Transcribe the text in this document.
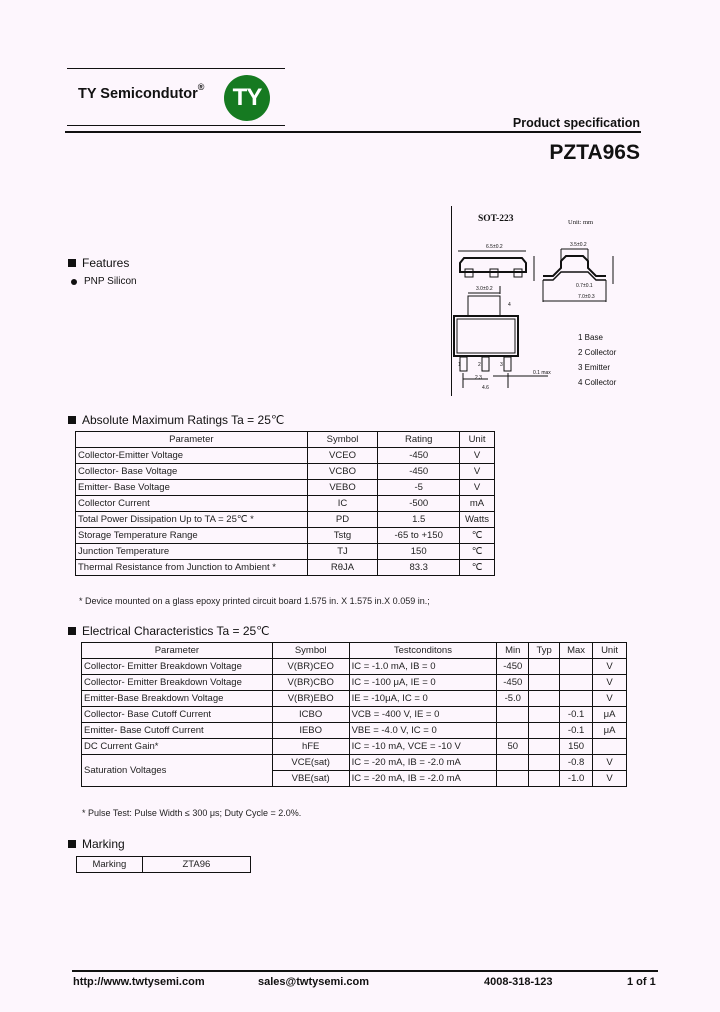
TY Semicondutor®	TY
Product specification
PZTA96S
SOT-223	Unit: mm
6.5±0.2	3.5±0.2
7.0±0.3
3.0±0.2	0.7±0.1
2.3
4.6
0.1 max
4
1	2	3
1 Base
2 Collector
3 Emitter
4 Collector
Features
PNP Silicon
Absolute Maximum Ratings Ta = 25℃
Parameter	Symbol	Rating	Unit
Collector-Emitter Voltage	VCEO	-450	V
Collector- Base Voltage	VCBO	-450	V
Emitter- Base Voltage	VEBO	-5	V
Collector Current	IC	-500	mA
Total Power Dissipation Up to TA = 25℃ *	PD	1.5	Watts
Storage Temperature Range	Tstg	-65 to +150	℃
Junction Temperature	TJ	150	℃
Thermal Resistance from Junction to Ambient *	RθJA	83.3	℃
* Device mounted on a glass epoxy printed circuit board 1.575 in. X 1.575 in.X 0.059 in.;
Electrical Characteristics Ta = 25℃
Parameter	Symbol	Testconditons	Min	Typ	Max	Unit
Collector- Emitter Breakdown Voltage	V(BR)CEO	IC = -1.0 mA, IB = 0	-450			V
Collector- Emitter Breakdown Voltage	V(BR)CBO	IC = -100 μA, IE = 0	-450			V
Emitter-Base Breakdown Voltage	V(BR)EBO	IE = -10μA, IC = 0	-5.0			V
Collector- Base Cutoff Current	ICBO	VCB = -400 V, IE = 0			-0.1	μA
Emitter- Base Cutoff Current	IEBO	VBE = -4.0 V, IC = 0			-0.1	μA
DC Current Gain*	hFE	IC = -10 mA, VCE = -10 V	50		150	
Saturation Voltages	VCE(sat)	IC = -20 mA, IB = -2.0 mA			-0.8	V
	VBE(sat)	IC = -20 mA, IB = -2.0 mA			-1.0	V
* Pulse Test: Pulse Width ≤ 300 μs; Duty Cycle = 2.0%.
Marking
Marking	ZTA96
http://www.twtysemi.com	sales@twtysemi.com	4008-318-123	1 of 1
